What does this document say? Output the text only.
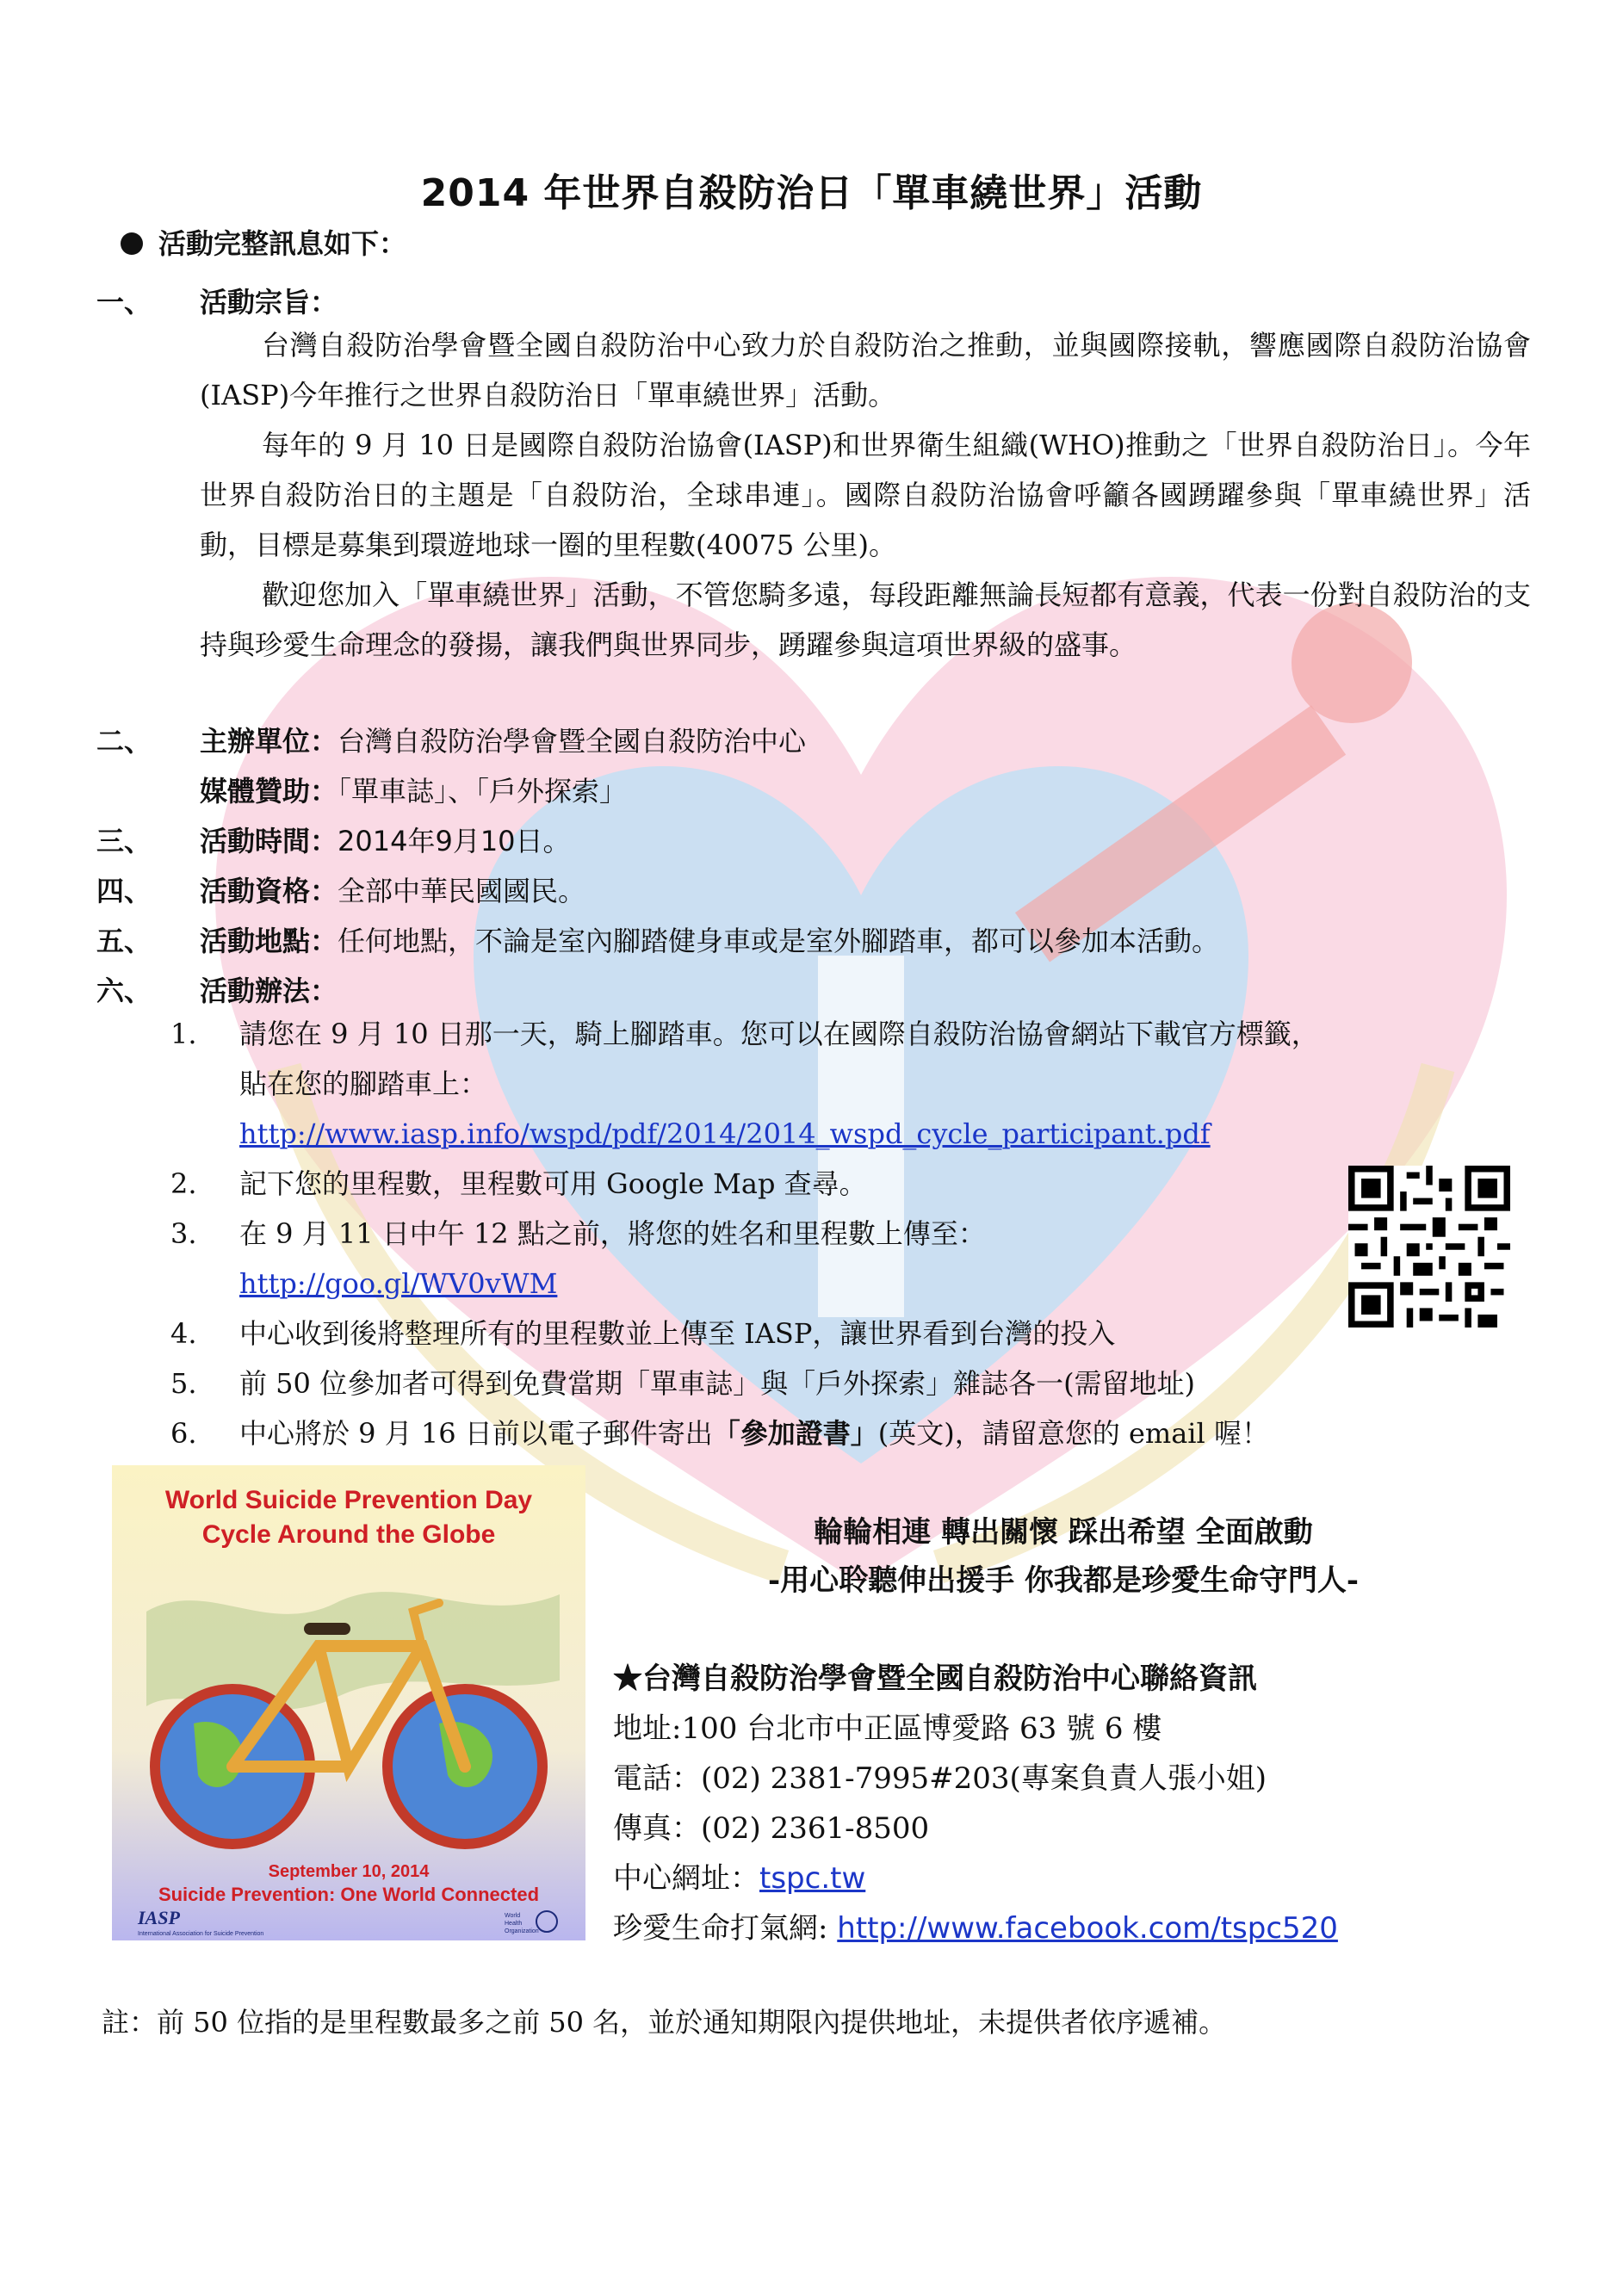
2014 年世界自殺防治日「單車繞世界」活動
活動完整訊息如下：
一、 活動宗旨：
台灣自殺防治學會暨全國自殺防治中心致力於自殺防治之推動，並與國際接軌，響應國際自殺防治協會(IASP)今年推行之世界自殺防治日「單車繞世界」活動。
每年的 9 月 10 日是國際自殺防治協會(IASP)和世界衛生組織(WHO)推動之「世界自殺防治日」。今年世界自殺防治日的主題是「自殺防治，全球串連」。國際自殺防治協會呼籲各國踴躍參與「單車繞世界」活動，目標是募集到環遊地球一圈的里程數(40075 公里)。
歡迎您加入「單車繞世界」活動，不管您騎多遠，每段距離無論長短都有意義，代表一份對自殺防治的支持與珍愛生命理念的發揚，讓我們與世界同步，踴躍參與這項世界級的盛事。
二、 主辦單位：台灣自殺防治學會暨全國自殺防治中心
媒體贊助：「單車誌」、「戶外探索」
三、 活動時間：2014年9月10日。
四、 活動資格：全部中華民國國民。
五、 活動地點：任何地點，不論是室內腳踏健身車或是室外腳踏車，都可以參加本活動。
六、 活動辦法：
1. 請您在 9 月 10 日那一天，騎上腳踏車。您可以在國際自殺防治協會網站下載官方標籤，
貼在您的腳踏車上：
http://www.iasp.info/wspd/pdf/2014/2014_wspd_cycle_participant.pdf
2. 記下您的里程數，里程數可用 Google Map 查尋。
3. 在 9 月 11 日中午 12 點之前，將您的姓名和里程數上傳至：
http://goo.gl/WV0vWM
4. 中心收到後將整理所有的里程數並上傳至 IASP，讓世界看到台灣的投入
5. 前 50 位參加者可得到免費當期「單車誌」與「戶外探索」雜誌各一(需留地址)
6. 中心將於 9 月 16 日前以電子郵件寄出「參加證書」(英文)，請留意您的 email 喔！
World Suicide Prevention Day
Cycle Around the Globe
September 10, 2014
Suicide Prevention: One World Connected
IASP
International Association for Suicide Prevention
World
Health
Organization
輪輪相連 轉出關懷 踩出希望 全面啟動
-用心聆聽伸出援手 你我都是珍愛生命守門人-
★台灣自殺防治學會暨全國自殺防治中心聯絡資訊
地址:100 台北市中正區博愛路 63 號 6 樓
電話：(02) 2381-7995#203(專案負責人張小姐)
傳真：(02) 2361-8500
中心網址：tspc.tw
珍愛生命打氣網: http://www.facebook.com/tspc520
註：前 50 位指的是里程數最多之前 50 名，並於通知期限內提供地址，未提供者依序遞補。
